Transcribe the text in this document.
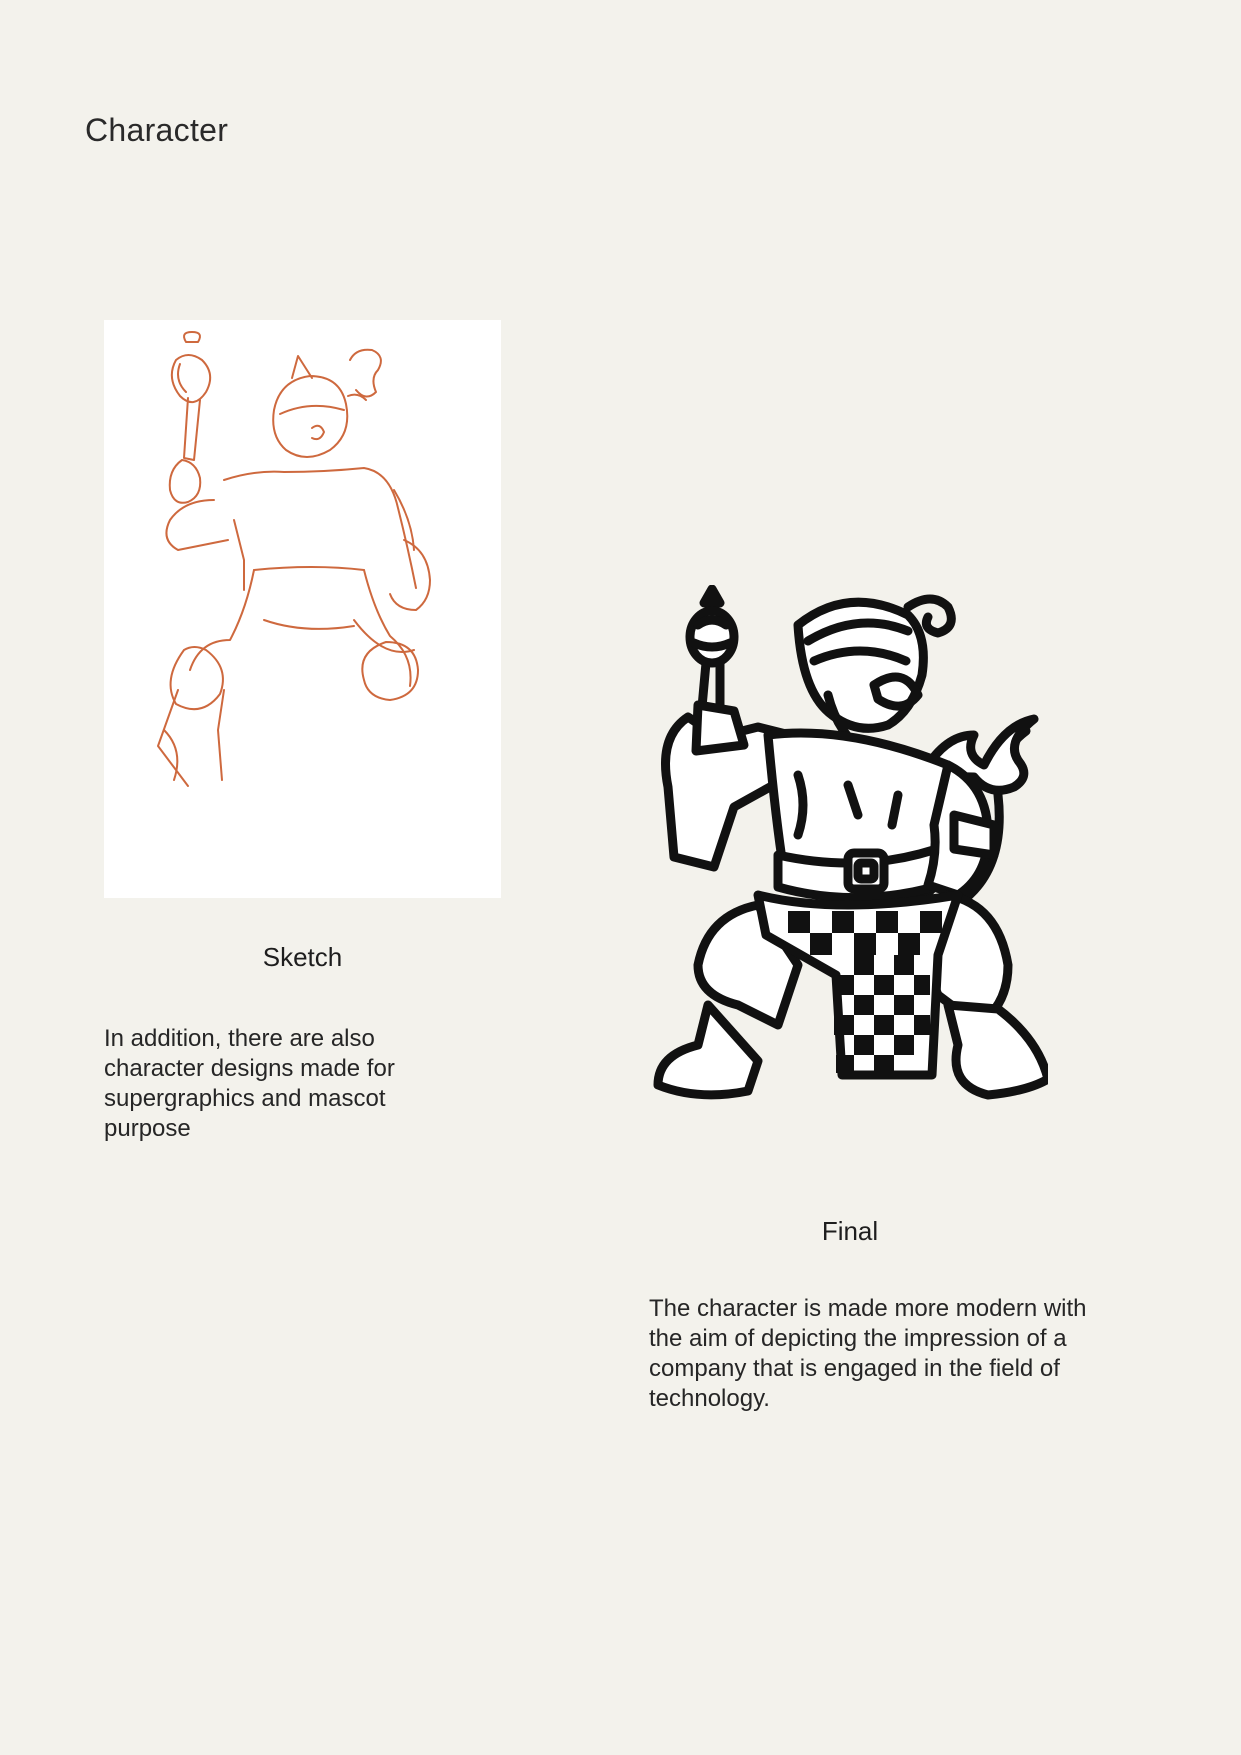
Character
Sketch

In addition, there are also character designs made for supergraphics and mascot purpose

Final

The character is made more modern with the aim of depicting the impression of a company that is engaged in the field of technology.
